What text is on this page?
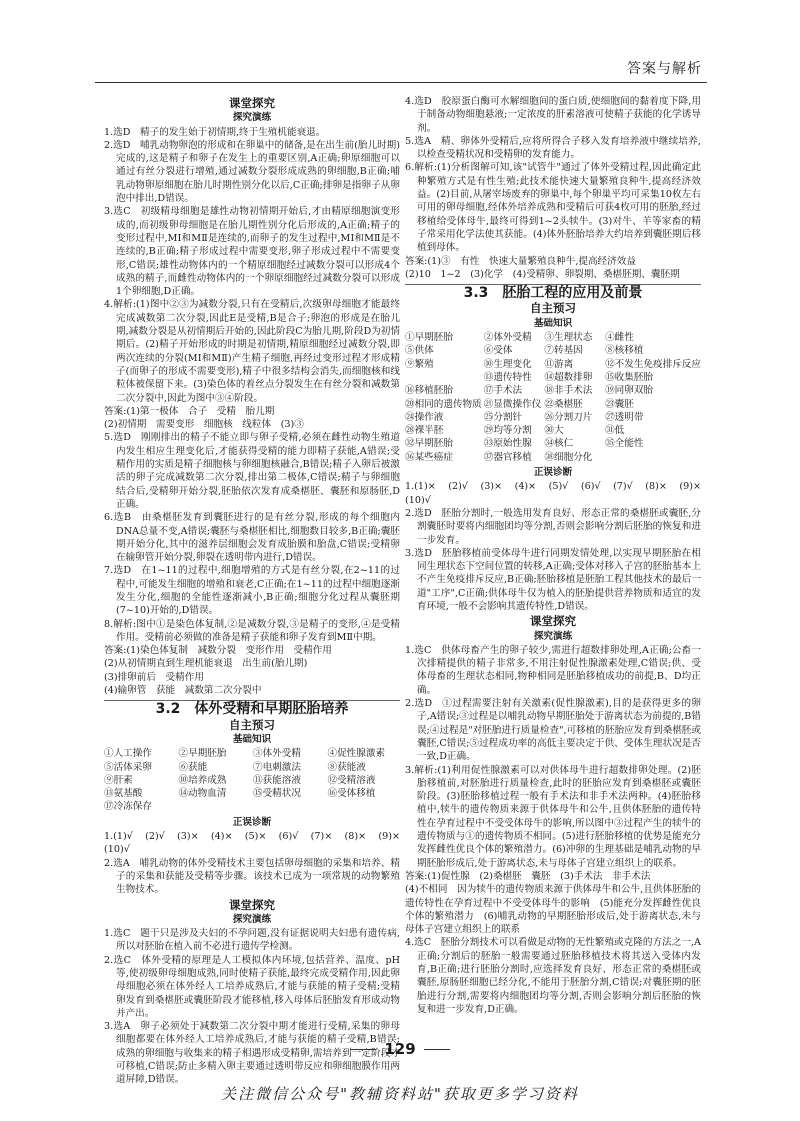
答案与解析
课堂探究
探究演练

1.选D　精子的发生始于初情期,终于生殖机能衰退。

2.选D　哺乳动物卵泡的形成和在卵巢中的储备,是在出生前(胎儿时期)完成的,这是精子和卵子在发生上的重要区别,A正确;卵原细胞可以通过有丝分裂进行增殖,通过减数分裂形成成熟的卵细胞,B正确;哺乳动物卵原细胞在胎儿时期性别分化以后,C正确;排卵是指卵子从卵泡中排出,D错误。

3.选C　初级精母细胞是雄性动物初情期开始后,才由精原细胞演变形成的,而初级卵母细胞是在胎儿期性别分化后形成的,A正确;精子的变形过程中,MⅠ和MⅡ是连续的,而卵子的发生过程中,MⅠ和MⅡ是不连续的,B正确;精子形成过程中需要变形,卵子形成过程中不需要变形,C错误;雄性动物体内的一个精原细胞经过减数分裂可以形成4个成熟的精子,而雌性动物体内的一个卵原细胞经过减数分裂可以形成1个卵细胞,D正确。

4.解析:(1)图中②③为减数分裂,只有在受精后,次级卵母细胞才能最终完成减数第二次分裂,因此E是受精,B是合子;卵泡的形成是在胎儿期,减数分裂是从初情期后开始的,因此阶段C为胎儿期,阶段D为初情期后。(2)精子开始形成的时期是初情期,精原细胞经过减数分裂,即两次连续的分裂(MⅠ和MⅡ)产生精子细胞,再经过变形过程才形成精子(而卵子的形成不需要变形),精子中很多结构会消失,而细胞核和线粒体被保留下来。(3)染色体的着丝点分裂发生在有丝分裂和减数第二次分裂中,因此为图中③④阶段。

答案:(1)第一极体　合子　受精　胎儿期

(2)初情期　需要变形　细胞核　线粒体　(3)③

5.选D　刚刚排出的精子不能立即与卵子受精,必须在雌性动物生殖道内发生相应生理变化后,才能获得受精的能力即精子获能,A错误;受精作用的实质是精子细胞核与卵细胞核融合,B错误;精子入卵后被激活的卵子完成减数第二次分裂,排出第二极体,C错误;精子与卵细胞结合后,受精卵开始分裂,胚胎依次发育成桑椹胚、囊胚和原肠胚,D正确。

6.选B　由桑椹胚发育到囊胚进行的是有丝分裂,形成的每个细胞内DNA总量不变,A错误;囊胚与桑椹胚相比,细胞数目较多,B正确;囊胚期开始分化,其中的滋养层细胞会发育成胎膜和胎盘,C错误;受精卵在输卵管开始分裂,卵裂在透明带内进行,D错误。

7.选D　在1~11的过程中,细胞增殖的方式是有丝分裂,在2~11的过程中,可能发生细胞的增殖和衰老,C正确;在1~11的过程中细胞逐渐发生分化,细胞的全能性逐渐减小,B正确;细胞分化过程从囊胚期(7~10)开始的,D错误。

8.解析:图中①是染色体复制,②是减数分裂,③是精子的变形,④是受精作用。受精前必须做的准备是精子获能和卵子发育到MⅡ中期。

答案:(1)染色体复制　减数分裂　变形作用　受精作用

(2)从初情期直到生理机能衰退　出生前(胎儿期)

(3)排卵前后　受精作用

(4)输卵管　获能　减数第二次分裂中

3.2　体外受精和早期胚胎培养
自主预习
基础知识
①人工操作	②早期胚胎	③体外受精	④促性腺激素
⑤活体采卵	⑥获能	⑦电刺激法	⑧获能液
⑨肝素	⑩培养成熟	⑪获能溶液	⑫受精溶液
⑬氨基酸	⑭动物血清	⑮受精状况	⑯受体移植
⑰冷冻保存
正误诊断

1.(1)√　(2)√　(3)×　(4)×　(5)×　(6)√　(7)×　(8)×　(9)×　(10)√

2.选A　哺乳动物的体外受精技术主要包括卵母细胞的采集和培养、精子的采集和获能及受精等步骤。该技术已成为一项常规的动物繁殖生物技术。

课堂探究
探究演练

1.选C　题干只是涉及夫妇的不孕问题,没有证据说明夫妇患有遗传病,所以对胚胎在植入前不必进行遗传学检测。

2.选C　体外受精的原理是人工模拟体内环境,包括营养、温度、pH等,使初级卵母细胞成熟,同时使精子获能,最终完成受精作用,因此卵母细胞必须在体外经人工培养成熟后,才能与获能的精子受精;受精卵发育到桑椹胚或囊胚阶段才能移植,移入母体后胚胎发育形成动物并产出。

3.选A　卵子必须处于减数第二次分裂中期才能进行受精,采集的卵母细胞都要在体外经人工培养成熟后,才能与获能的精子受精,B错误;成熟的卵细胞与收集来的精子相遇形成受精卵,需培养到一定阶段才可移植,C错误;防止多精入卵主要通过透明带反应和卵细胞膜作用两道屏障,D错误。

4.选D　胶原蛋白酶可水解细胞间的蛋白质,使细胞间的黏着度下降,用于制备动物细胞悬液;一定浓度的肝素溶液可使精子获能的化学诱导剂。

5.选A　精、卵体外受精后,应将所得合子移入发育培养液中继续培养,以检查受精状况和受精卵的发育能力。

6.解析:(1)分析图解可知,该"试管牛"通过了体外受精过程,因此确定此种繁殖方式是有性生殖;此技术能快速大量繁殖良种牛,提高经济效益。(2)目前,从屠宰场废弃的卵巢中,每个卵巢平均可采集10枚左右可用的卵母细胞,经体外培养成熟和受精后可获4枚可用的胚胎,经过移植给受体母牛,最终可得到1~2头犊牛。(3)对牛、羊等家畜的精子常采用化学法使其获能。(4)体外胚胎培养大约培养到囊胚期后移植到母体。

答案:(1)③　有性　快速大量繁殖良种牛,提高经济效益

(2)10　1~2　(3)化学　(4)受精卵、卵裂期、桑椹胚期、囊胚期

3.3　胚胎工程的应用及前景
自主预习
基础知识
①早期胚胎	②体外受精	③生理状态	④雌性
⑤供体	⑥受体	⑦转基因	⑧核移植
⑨繁殖	⑩生理变化	⑪游离	⑫不发生免疫排斥反应
⑬遗传特性	⑭超数排卵	⑮收集胚胎
⑯移植胚胎	⑰手术法	⑱非手术法	⑲同卵双胎
⑳相同的遗传物质 ㉑显微操作仪 ㉒桑椹胚	㉓囊胚
㉔操作液	㉕分割针	㉖分割刀片	㉗透明带
㉘裸半胚	㉙均等分割	㉚大	㉛低
㉜早期胚胎	㉝原始性腺	㉞核仁	㉟全能性
㊱某些癌症	㊲器官移植	㊳细胞分化
正误诊断

1.(1)×　(2)√　(3)×　(4)×　(5)√　(6)√　(7)√　(8)×　(9)×　(10)√

2.选D　胚胎分割时,一般选用发育良好、形态正常的桑椹胚或囊胚,分割囊胚时要将内细胞团均等分割,否则会影响分割后胚胎的恢复和进一步发育。

3.选D　胚胎移植前受体母牛进行同期发情处理,以实现早期胚胎在相同生理状态下空间位置的转移,A正确;受体对移入子宫的胚胎基本上不产生免疫排斥反应,B正确;胚胎移植是胚胎工程其他技术的最后一道"工序",C正确;供体母牛仅为植入的胚胎提供营养物质和适宜的发育环境,一般不会影响其遗传特性,D错误。

课堂探究
探究演练

1.选C　供体母畜产生的卵子较少,需进行超数排卵处理,A正确;公畜一次排精提供的精子非常多,不用注射促性腺激素处理,C错误;供、受体母畜的生理状态相同,物种相同是胚胎移植成功的前提,B、D均正确。

2.选D　①过程需要注射有关激素(促性腺激素),目的是获得更多的卵子,A错误;③过程是以哺乳动物早期胚胎处于游离状态为前提的,B错误;④过程是"对胚胎进行质量检查",可移植的胚胎应发育到桑椹胚或囊胚,C错误;⑤过程成功率的高低主要决定于供、受体生理状况是否一致,D正确。

3.解析:(1)利用促性腺激素可以对供体母牛进行超数排卵处理。(2)胚胎移植前,对胚胎进行质量检查,此时的胚胎应发育到桑椹胚或囊胚阶段。(3)胚胎移植过程一般有手术法和非手术法两种。(4)胚胎移植中,犊牛的遗传物质来源于供体母牛和公牛,且供体胚胎的遗传特性在孕育过程中不受受体母牛的影响,所以图中③过程产生的犊牛的遗传物质与①的遗传物质不相同。(5)进行胚胎移植的优势是能充分发挥雌性优良个体的繁殖潜力。(6)冲卵的生理基础是哺乳动物的早期胚胎形成后,处于游离状态,未与母体子宫建立组织上的联系。

答案:(1)促性腺　(2)桑椹胚　囊胚　(3)手术法　非手术法

(4)不相同　因为犊牛的遗传物质来源于供体母牛和公牛,且供体胚胎的遗传特性在孕育过程中不受受体母牛的影响　(5)能充分发挥雌性优良个体的繁殖潜力　(6)哺乳动物的早期胚胎形成后,处于游离状态,未与母体子宫建立组织上的联系

4.选C　胚胎分割技术可以看做是动物的无性繁殖或克隆的方法之一,A正确;分割后的胚胎一般需要通过胚胎移植技术将其送入受体内发育,B正确;进行胚胎分割时,应选择发育良好、形态正常的桑椹胚或囊胚,原肠胚细胞已经分化,不能用于胚胎分割,C错误;对囊胚期的胚胎进行分割,需要将内细胞团均等分割,否则会影响分割后胚胎的恢复和进一步发育,D正确。

129
关注微信公众号"教辅资料站"获取更多学习资料
